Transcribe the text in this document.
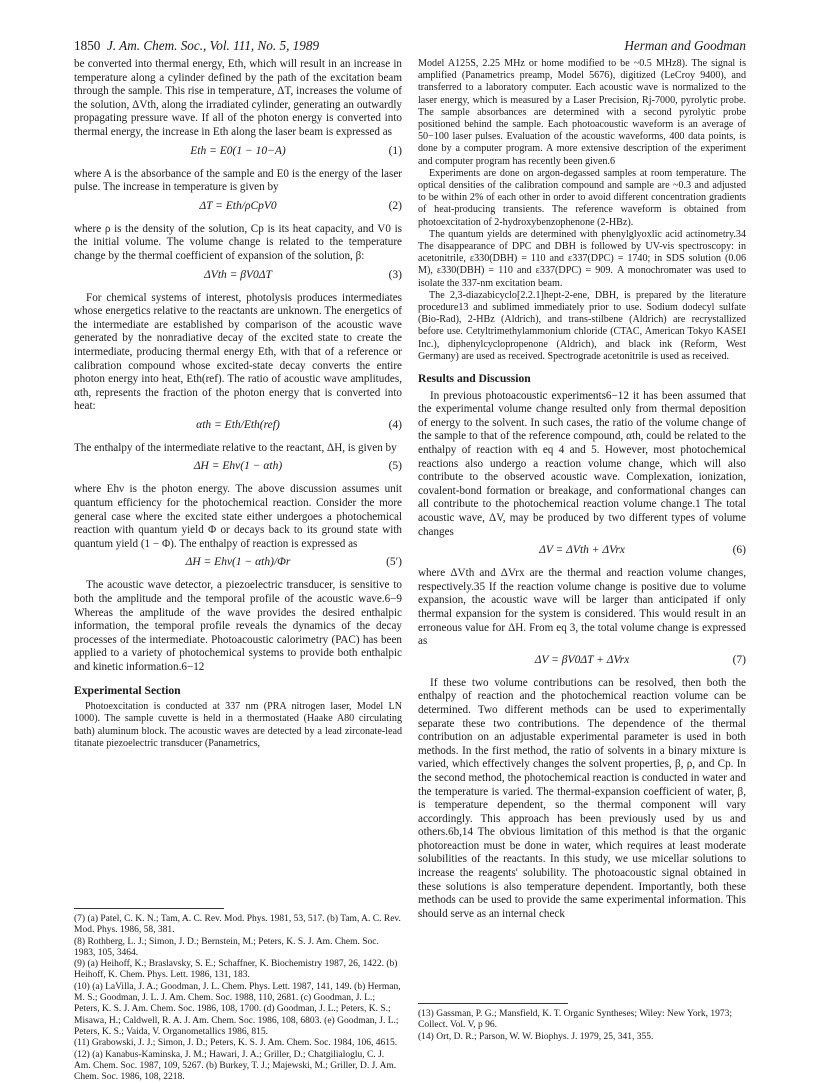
1850 J. Am. Chem. Soc., Vol. 111, No. 5, 1989	Herman and Goodman

be converted into thermal energy, Eth, which will result in an increase in temperature along a cylinder defined by the path of the excitation beam through the sample. This rise in temperature, ΔT, increases the volume of the solution, ΔVth, along the irradiated cylinder, generating an outwardly propagating pressure wave. If all of the photon energy is converted into thermal energy, the increase in Eth along the laser beam is expressed as

Eth = E0(1 − 10−A)	(1)

where A is the absorbance of the sample and E0 is the energy of the laser pulse. The increase in temperature is given by

ΔT = Eth/ρCpV0	(2)

where ρ is the density of the solution, Cp is its heat capacity, and V0 is the initial volume. The volume change is related to the temperature change by the thermal coefficient of expansion of the solution, β:

ΔVth = βV0ΔT	(3)

For chemical systems of interest, photolysis produces intermediates whose energetics relative to the reactants are unknown. The energetics of the intermediate are established by comparison of the acoustic wave generated by the nonradiative decay of the excited state to create the intermediate, producing thermal energy Eth, with that of a reference or calibration compound whose excited-state decay converts the entire photon energy into heat, Eth(ref). The ratio of acoustic wave amplitudes, αth, represents the fraction of the photon energy that is converted into heat:

αth = Eth/Eth(ref)	(4)

The enthalpy of the intermediate relative to the reactant, ΔH, is given by

ΔH = Ehν(1 − αth)	(5)

where Ehν is the photon energy. The above discussion assumes unit quantum efficiency for the photochemical reaction. Consider the more general case where the excited state either undergoes a photochemical reaction with quantum yield Φ or decays back to its ground state with quantum yield (1 − Φ). The enthalpy of reaction is expressed as

ΔH = Ehν(1 − αth)/Φr	(5′)

The acoustic wave detector, a piezoelectric transducer, is sensitive to both the amplitude and the temporal profile of the acoustic wave.6−9 Whereas the amplitude of the wave provides the desired enthalpic information, the temporal profile reveals the dynamics of the decay processes of the intermediate. Photoacoustic calorimetry (PAC) has been applied to a variety of photochemical systems to provide both enthalpic and kinetic information.6−12

Experimental Section

Photoexcitation is conducted at 337 nm (PRA nitrogen laser, Model LN 1000). The sample cuvette is held in a thermostated (Haake A80 circulating bath) aluminum block. The acoustic waves are detected by a lead zirconate-lead titanate piezoelectric transducer (Panametrics,

(7) (a) Patel, C. K. N.; Tam, A. C. Rev. Mod. Phys. 1981, 53, 517. (b) Tam, A. C. Rev. Mod. Phys. 1986, 58, 381.
(8) Rothberg, L. J.; Simon, J. D.; Bernstein, M.; Peters, K. S. J. Am. Chem. Soc. 1983, 105, 3464.
(9) (a) Heihoff, K.; Braslavsky, S. E.; Schaffner, K. Biochemistry 1987, 26, 1422. (b) Heihoff, K. Chem. Phys. Lett. 1986, 131, 183.
(10) (a) LaVilla, J. A.; Goodman, J. L. Chem. Phys. Lett. 1987, 141, 149. (b) Herman, M. S.; Goodman, J. L. J. Am. Chem. Soc. 1988, 110, 2681. (c) Goodman, J. L.; Peters, K. S. J. Am. Chem. Soc. 1986, 108, 1700. (d) Goodman, J. L.; Peters, K. S.; Misawa, H.; Caldwell, R. A. J. Am. Chem. Soc. 1986, 108, 6803. (e) Goodman, J. L.; Peters, K. S.; Vaida, V. Organometallics 1986, 815.
(11) Grabowski, J. J.; Simon, J. D.; Peters, K. S. J. Am. Chem. Soc. 1984, 106, 4615.
(12) (a) Kanabus-Kaminska, J. M.; Hawari, J. A.; Griller, D.; Chatgilialoglu, C. J. Am. Chem. Soc. 1987, 109, 5267. (b) Burkey, T. J.; Majewski, M.; Griller, D. J. Am. Chem. Soc. 1986, 108, 2218.

Model A125S, 2.25 MHz or home modified to be ~0.5 MHz8). The signal is amplified (Panametrics preamp, Model 5676), digitized (LeCroy 9400), and transferred to a laboratory computer. Each acoustic wave is normalized to the laser energy, which is measured by a Laser Precision, Rj-7000, pyrolytic probe. The sample absorbances are determined with a second pyrolytic probe positioned behind the sample. Each photoacoustic waveform is an average of 50−100 laser pulses. Evaluation of the acoustic waveforms, 400 data points, is done by a computer program. A more extensive description of the experiment and computer program has recently been given.6

Experiments are done on argon-degassed samples at room temperature. The optical densities of the calibration compound and sample are ~0.3 and adjusted to be within 2% of each other in order to avoid different concentration gradients of heat-producing transients. The reference waveform is obtained from photoexcitation of 2-hydroxybenzophenone (2-HBz).

The quantum yields are determined with phenylglyoxlic acid actinometry.34 The disappearance of DPC and DBH is followed by UV-vis spectroscopy: in acetonitrile, ε330(DBH) = 110 and ε337(DPC) = 1740; in SDS solution (0.06 M), ε330(DBH) = 110 and ε337(DPC) = 909. A monochromater was used to isolate the 337-nm excitation beam.

The 2,3-diazabicyclo[2.2.1]hept-2-ene, DBH, is prepared by the literature procedure13 and sublimed immediately prior to use. Sodium dodecyl sulfate (Bio-Rad), 2-HBz (Aldrich), and trans-stilbene (Aldrich) are recrystallized before use. Cetyltrimethylammonium chloride (CTAC, American Tokyo KASEI Inc.), diphenylcyclopropenone (Aldrich), and black ink (Reform, West Germany) are used as received. Spectrograde acetonitrile is used as received.

Results and Discussion

In previous photoacoustic experiments6−12 it has been assumed that the experimental volume change resulted only from thermal deposition of energy to the solvent. In such cases, the ratio of the volume change of the sample to that of the reference compound, αth, could be related to the enthalpy of reaction with eq 4 and 5. However, most photochemical reactions also undergo a reaction volume change, which will also contribute to the observed acoustic wave. Complexation, ionization, covalent-bond formation or breakage, and conformational changes can all contribute to the photochemical reaction volume change.1 The total acoustic wave, ΔV, may be produced by two different types of volume changes

ΔV = ΔVth + ΔVrx	(6)

where ΔVth and ΔVrx are the thermal and reaction volume changes, respectively.35 If the reaction volume change is positive due to volume expansion, the acoustic wave will be larger than anticipated if only thermal expansion for the system is considered. This would result in an erroneous value for ΔH. From eq 3, the total volume change is expressed as

ΔV = βV0ΔT + ΔVrx	(7)

If these two volume contributions can be resolved, then both the enthalpy of reaction and the photochemical reaction volume can be determined. Two different methods can be used to experimentally separate these two contributions. The dependence of the thermal contribution on an adjustable experimental parameter is used in both methods. In the first method, the ratio of solvents in a binary mixture is varied, which effectively changes the solvent properties, β, ρ, and Cp. In the second method, the photochemical reaction is conducted in water and the temperature is varied. The thermal-expansion coefficient of water, β, is temperature dependent, so the thermal component will vary accordingly. This approach has been previously used by us and others.6b,14 The obvious limitation of this method is that the organic photoreaction must be done in water, which requires at least moderate solubilities of the reactants. In this study, we use micellar solutions to increase the reagents' solubility. The photoacoustic signal obtained in these solutions is also temperature dependent. Importantly, both these methods can be used to provide the same experimental information. This should serve as an internal check

(13) Gassman, P. G.; Mansfield, K. T. Organic Syntheses; Wiley: New York, 1973; Collect. Vol. V, p 96.
(14) Ort, D. R.; Parson, W. W. Biophys. J. 1979, 25, 341, 355.
